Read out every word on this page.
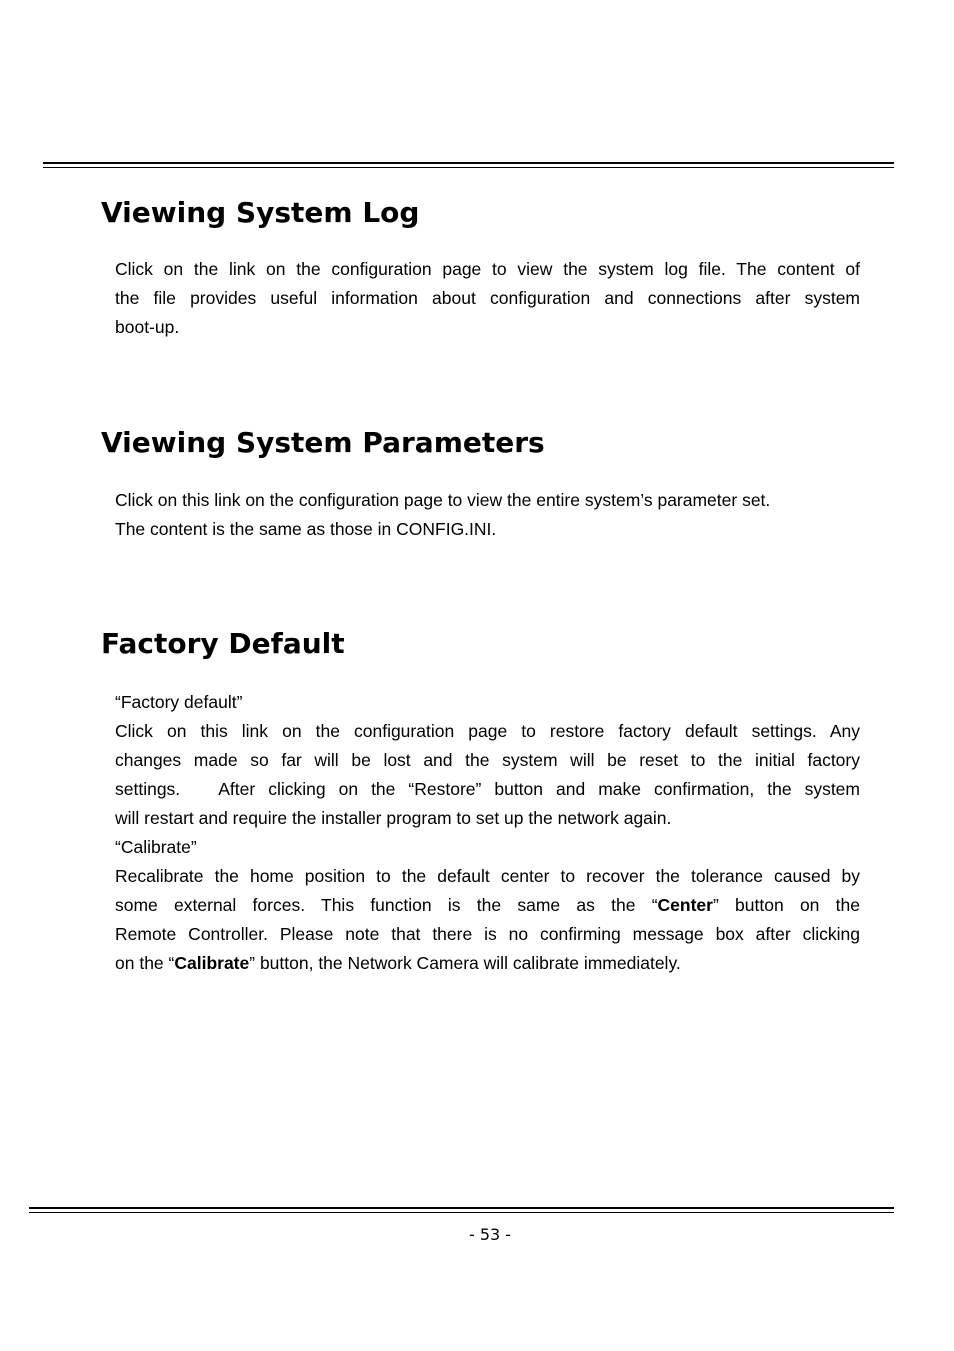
Viewing System Log
Click on the link on the configuration page to view the system log file. The content of
the file provides useful information about configuration and connections after system
boot-up.
Viewing System Parameters
Click on this link on the configuration page to view the entire system’s parameter set.
The content is the same as those in CONFIG.INI.
Factory Default
“Factory default”
Click on this link on the configuration page to restore factory default settings. Any
changes made so far will be lost and the system will be reset to the initial factory
settings.   After clicking on the “Restore” button and make confirmation, the system
will restart and require the installer program to set up the network again.
“Calibrate”
Recalibrate the home position to the default center to recover the tolerance caused by
some external forces. This function is the same as the “Center” button on the
Remote Controller. Please note that there is no confirming message box after clicking
on the “Calibrate” button, the Network Camera will calibrate immediately.
- 53 -
